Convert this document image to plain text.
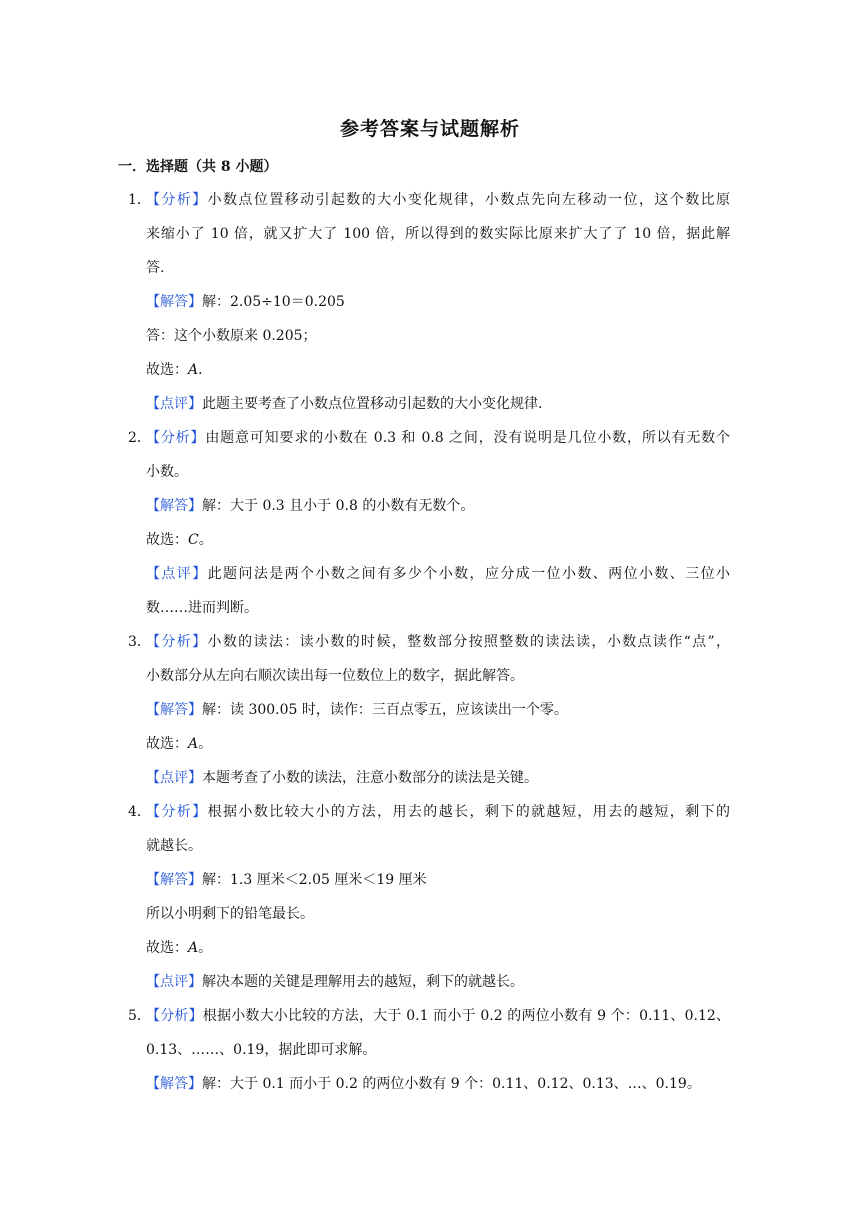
参考答案与试题解析
一．选择题（共 8 小题）
1．
【分析】小数点位置移动引起数的大小变化规律，小数点先向左移动一位，这个数比原
来缩小了 10 倍，就又扩大了 100 倍，所以得到的数实际比原来扩大了了 10 倍，据此解
答.
【解答】解：2.05÷10＝0.205
答：这个小数原来 0.205；
故选：A．
【点评】此题主要考查了小数点位置移动引起数的大小变化规律.
2．
【分析】由题意可知要求的小数在 0.3 和 0.8 之间，没有说明是几位小数，所以有无数个
小数。
【解答】解：大于 0.3 且小于 0.8 的小数有无数个。
故选：C。
【点评】此题问法是两个小数之间有多少个小数，应分成一位小数、两位小数、三位小
数……进而判断。
3．
【分析】小数的读法：读小数的时候，整数部分按照整数的读法读，小数点读作“点”，
小数部分从左向右顺次读出每一位数位上的数字，据此解答。
【解答】解：读 300.05 时，读作：三百点零五，应该读出一个零。
故选：A。
【点评】本题考查了小数的读法，注意小数部分的读法是关键。
4．
【分析】根据小数比较大小的方法，用去的越长，剩下的就越短，用去的越短，剩下的
就越长。
【解答】解：1.3 厘米＜2.05 厘米＜19 厘米
所以小明剩下的铅笔最长。
故选：A。
【点评】解决本题的关键是理解用去的越短，剩下的就越长。
5．
【分析】根据小数大小比较的方法，大于 0.1 而小于 0.2 的两位小数有 9 个：0.11、0.12、
0.13、……、0.19，据此即可求解。
【解答】解：大于 0.1 而小于 0.2 的两位小数有 9 个：0.11、0.12、0.13、…、0.19。
